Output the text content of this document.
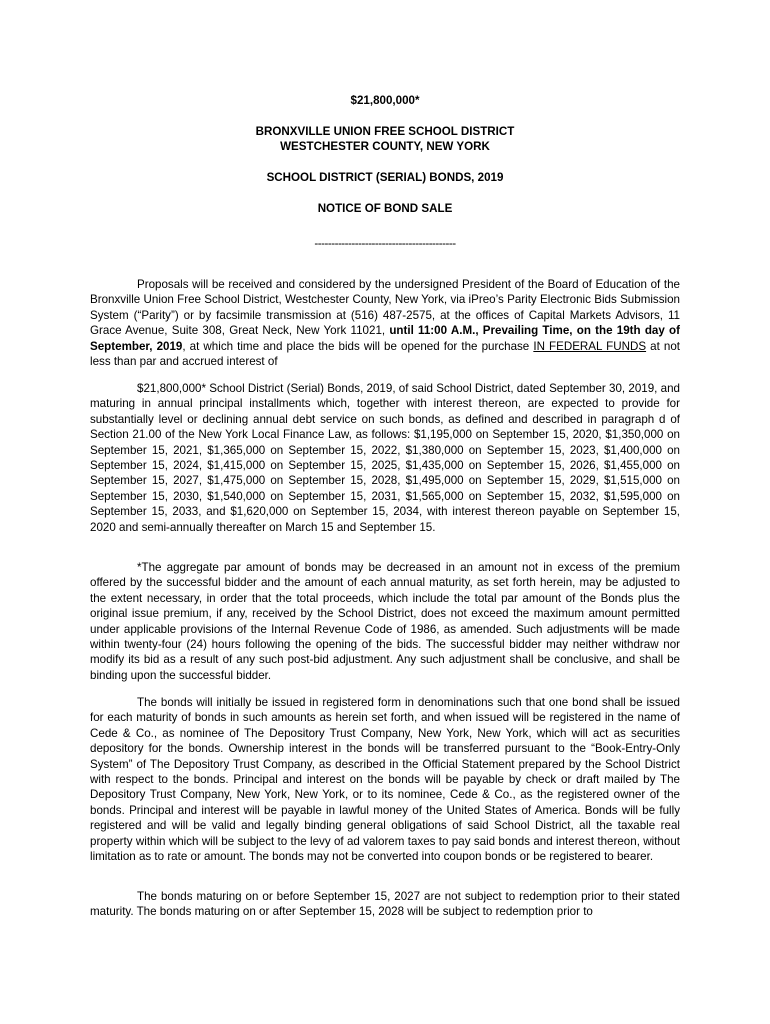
$21,800,000*
BRONXVILLE UNION FREE SCHOOL DISTRICT
WESTCHESTER COUNTY, NEW YORK
SCHOOL DISTRICT (SERIAL) BONDS, 2019
NOTICE OF BOND SALE
------------------------------------------

Proposals will be received and considered by the undersigned President of the Board of Education of the Bronxville Union Free School District, Westchester County, New York, via iPreo’s Parity Electronic Bids Submission System (“Parity”) or by facsimile transmission at (516) 487-2575, at the offices of Capital Markets Advisors, 11 Grace Avenue, Suite 308, Great Neck, New York 11021, until 11:00 A.M., Prevailing Time, on the 19th day of September, 2019, at which time and place the bids will be opened for the purchase IN FEDERAL FUNDS at not less than par and accrued interest of

$21,800,000* School District (Serial) Bonds, 2019, of said School District, dated September 30, 2019, and maturing in annual principal installments which, together with interest thereon, are expected to provide for substantially level or declining annual debt service on such bonds, as defined and described in paragraph d of Section 21.00 of the New York Local Finance Law, as follows: $1,195,000 on September 15, 2020, $1,350,000 on September 15, 2021, $1,365,000 on September 15, 2022, $1,380,000 on September 15, 2023, $1,400,000 on September 15, 2024, $1,415,000 on September 15, 2025, $1,435,000 on September 15, 2026, $1,455,000 on September 15, 2027, $1,475,000 on September 15, 2028, $1,495,000 on September 15, 2029, $1,515,000 on September 15, 2030, $1,540,000 on September 15, 2031, $1,565,000 on September 15, 2032, $1,595,000 on September 15, 2033, and $1,620,000 on September 15, 2034, with interest thereon payable on September 15, 2020 and semi-annually thereafter on March 15 and September 15.

*The aggregate par amount of bonds may be decreased in an amount not in excess of the premium offered by the successful bidder and the amount of each annual maturity, as set forth herein, may be adjusted to the extent necessary, in order that the total proceeds, which include the total par amount of the Bonds plus the original issue premium, if any, received by the School District, does not exceed the maximum amount permitted under applicable provisions of the Internal Revenue Code of 1986, as amended. Such adjustments will be made within twenty-four (24) hours following the opening of the bids. The successful bidder may neither withdraw nor modify its bid as a result of any such post-bid adjustment. Any such adjustment shall be conclusive, and shall be binding upon the successful bidder.

The bonds will initially be issued in registered form in denominations such that one bond shall be issued for each maturity of bonds in such amounts as herein set forth, and when issued will be registered in the name of Cede & Co., as nominee of The Depository Trust Company, New York, New York, which will act as securities depository for the bonds. Ownership interest in the bonds will be transferred pursuant to the “Book-Entry-Only System” of The Depository Trust Company, as described in the Official Statement prepared by the School District with respect to the bonds. Principal and interest on the bonds will be payable by check or draft mailed by The Depository Trust Company, New York, New York, or to its nominee, Cede & Co., as the registered owner of the bonds. Principal and interest will be payable in lawful money of the United States of America. Bonds will be fully registered and will be valid and legally binding general obligations of said School District, all the taxable real property within which will be subject to the levy of ad valorem taxes to pay said bonds and interest thereon, without limitation as to rate or amount. The bonds may not be converted into coupon bonds or be registered to bearer.

The bonds maturing on or before September 15, 2027 are not subject to redemption prior to their stated maturity. The bonds maturing on or after September 15, 2028 will be subject to redemption prior to
